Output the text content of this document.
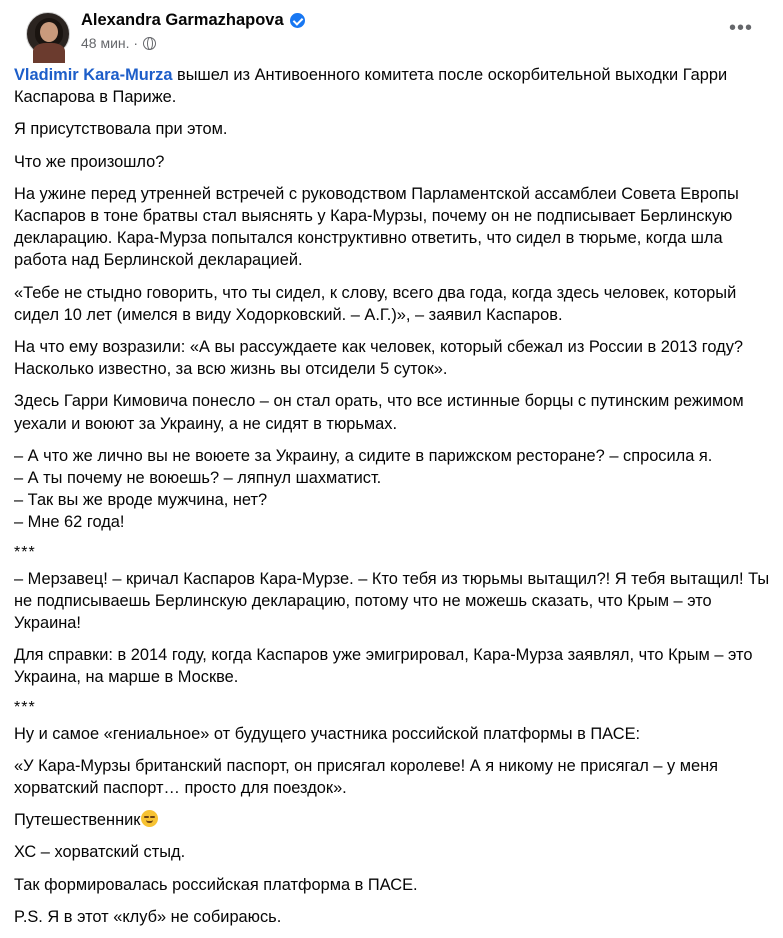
Alexandra Garmazhapova
48 мин. ·
•••
Vladimir Kara-Murza вышел из Антивоенного комитета после оскорбительной выходки Гарри Каспарова в Париже.
Я присутствовала при этом.
Что же произошло?
На ужине перед утренней встречей с руководством Парламентской ассамблеи Совета Европы Каспаров в тоне братвы стал выяснять у Кара-Мурзы, почему он не подписывает Берлинскую декларацию. Кара-Мурза попытался конструктивно ответить, что сидел в тюрьме, когда шла работа над Берлинской декларацией.
«Тебе не стыдно говорить, что ты сидел, к слову, всего два года, когда здесь человек, который сидел 10 лет (имелся в виду Ходорковский. – А.Г.)», – заявил Каспаров.
На что ему возразили: «А вы рассуждаете как человек, который сбежал из России в 2013 году? Насколько известно, за всю жизнь вы отсидели 5 суток».
Здесь Гарри Кимовича понесло – он стал орать, что все истинные борцы с путинским режимом уехали и воюют за Украину, а не сидят в тюрьмах.
– А что же лично вы не воюете за Украину, а сидите в парижском ресторане? – спросила я.
– А ты почему не воюешь? – ляпнул шахматист.
– Так вы же вроде мужчина, нет?
– Мне 62 года!
***
– Мерзавец! – кричал Каспаров Кара-Мурзе. – Кто тебя из тюрьмы вытащил?! Я тебя вытащил! Ты не подписываешь Берлинскую декларацию, потому что не можешь сказать, что Крым – это Украина!
Для справки: в 2014 году, когда Каспаров уже эмигрировал, Кара-Мурза заявлял, что Крым – это Украина, на марше в Москве.
***
Ну и самое «гениальное» от будущего участника российской платформы в ПАСЕ:
«У Кара-Мурзы британский паспорт, он присягал королеве! А я никому не присягал – у меня хорватский паспорт… просто для поездок».
Путешественник
ХС – хорватский стыд.
Так формировалась российская платформа в ПАСЕ.
P.S. Я в этот «клуб» не собираюсь.
